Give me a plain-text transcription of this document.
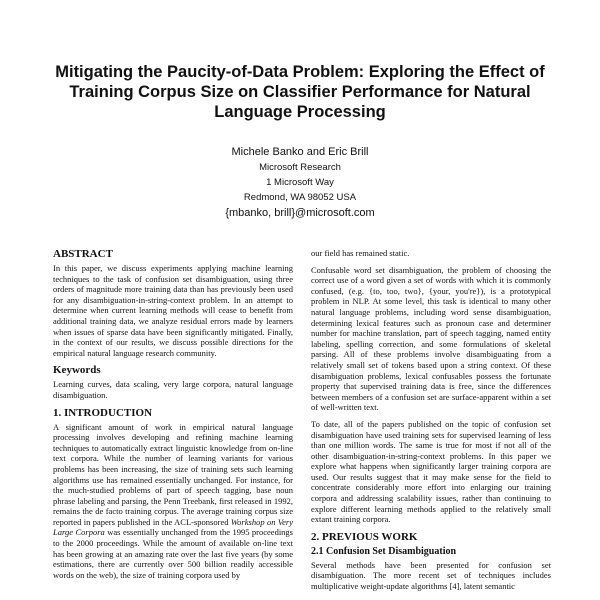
Mitigating the Paucity-of-Data Problem: Exploring the Effect of Training Corpus Size on Classifier Performance for Natural Language Processing
Michele Banko and Eric Brill
Microsoft Research
1 Microsoft Way
Redmond, WA 98052 USA
{mbanko, brill}@microsoft.com
ABSTRACT

In this paper, we discuss experiments applying machine learning techniques to the task of confusion set disambiguation, using three orders of magnitude more training data than has previously been used for any disambiguation-in-string-context problem. In an attempt to determine when current learning methods will cease to benefit from additional training data, we analyze residual errors made by learners when issues of sparse data have been significantly mitigated. Finally, in the context of our results, we discuss possible directions for the empirical natural language research community.

Keywords

Learning curves, data scaling, very large corpora, natural language disambiguation.

1. INTRODUCTION

A significant amount of work in empirical natural language processing involves developing and refining machine learning techniques to automatically extract linguistic knowledge from on-line text corpora. While the number of learning variants for various problems has been increasing, the size of training sets such learning algorithms use has remained essentially unchanged. For instance, for the much-studied problems of part of speech tagging, base noun phrase labeling and parsing, the Penn Treebank, first released in 1992, remains the de facto training corpus. The average training corpus size reported in papers published in the ACL-sponsored Workshop on Very Large Corpora was essentially unchanged from the 1995 proceedings to the 2000 proceedings. While the amount of available on-line text has been growing at an amazing rate over the last five years (by some estimations, there are currently over 500 billion readily accessible words on the web), the size of training corpora used by

our field has remained static.

Confusable word set disambiguation, the problem of choosing the correct use of a word given a set of words with which it is commonly confused, (e.g. {to, too, two}, {your, you're}), is a prototypical problem in NLP. At some level, this task is identical to many other natural language problems, including word sense disambiguation, determining lexical features such as pronoun case and determiner number for machine translation, part of speech tagging, named entity labeling, spelling correction, and some formulations of skeletal parsing. All of these problems involve disambiguating from a relatively small set of tokens based upon a string context. Of these disambiguation problems, lexical confusables possess the fortunate property that supervised training data is free, since the differences between members of a confusion set are surface-apparent within a set of well-written text.

To date, all of the papers published on the topic of confusion set disambiguation have used training sets for supervised learning of less than one million words. The same is true for most if not all of the other disambiguation-in-string-context problems. In this paper we explore what happens when significantly larger training corpora are used. Our results suggest that it may make sense for the field to concentrate considerably more effort into enlarging our training corpora and addressing scalability issues, rather than continuing to explore different learning methods applied to the relatively small extant training corpora.

2. PREVIOUS WORK
2.1 Confusion Set Disambiguation

Several methods have been presented for confusion set disambiguation. The more recent set of techniques includes multiplicative weight-update algorithms [4], latent semantic
